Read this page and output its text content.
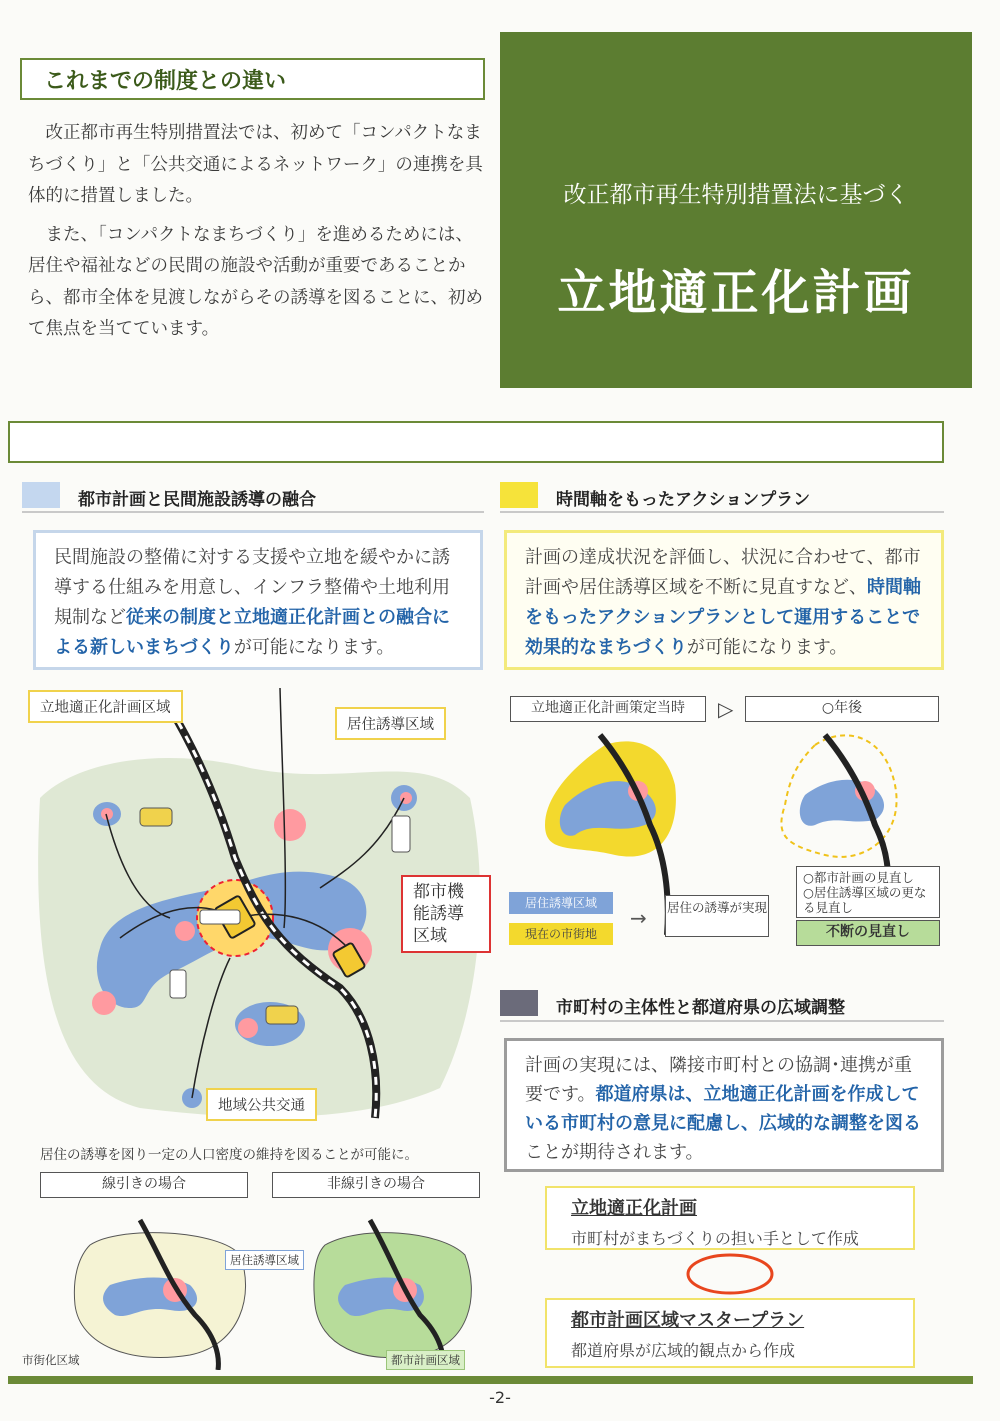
これまでの制度との違い

改正都市再生特別措置法では、初めて「コンパクトなまちづくり」と「公共交通によるネットワーク」の連携を具体的に措置しました。

また、「コンパクトなまちづくり」を進めるためには、居住や福祉などの民間の施設や活動が重要であることから、都市全体を見渡しながらその誘導を図ることに、初めて焦点を当てています。

改正都市再生特別措置法に基づく
立地適正化計画
都市計画と民間施設誘導の融合
民間施設の整備に対する支援や立地を緩やかに誘導する仕組みを用意し、インフラ整備や土地利用規制など従来の制度と立地適正化計画との融合による新しいまちづくりが可能になります。
立地適正化計画区域
居住誘導区域
都市機能誘導区域
地域公共交通
居住の誘導を図り一定の人口密度の維持を図ることが可能に。
線引きの場合	非線引きの場合
居住誘導区域
市街化区域	都市計画区域
時間軸をもったアクションプラン
計画の達成状況を評価し、状況に合わせて、都市計画や居住誘導区域を不断に見直すなど、時間軸をもったアクションプランとして運用することで効果的なまちづくりが可能になります。
立地適正化計画策定当時	▷	○年後
居住誘導区域
現在の市街地
→ 居住の誘導が実現
○都市計画の見直し
○居住誘導区域の更なる見直し
不断の見直し
市町村の主体性と都道府県の広域調整
計画の実現には、隣接市町村との協調･連携が重要です。都道府県は、立地適正化計画を作成している市町村の意見に配慮し、広域的な調整を図ることが期待されます。
立地適正化計画
市町村がまちづくりの担い手として作成
都市計画区域マスタープラン
都道府県が広域的観点から作成
-2-
